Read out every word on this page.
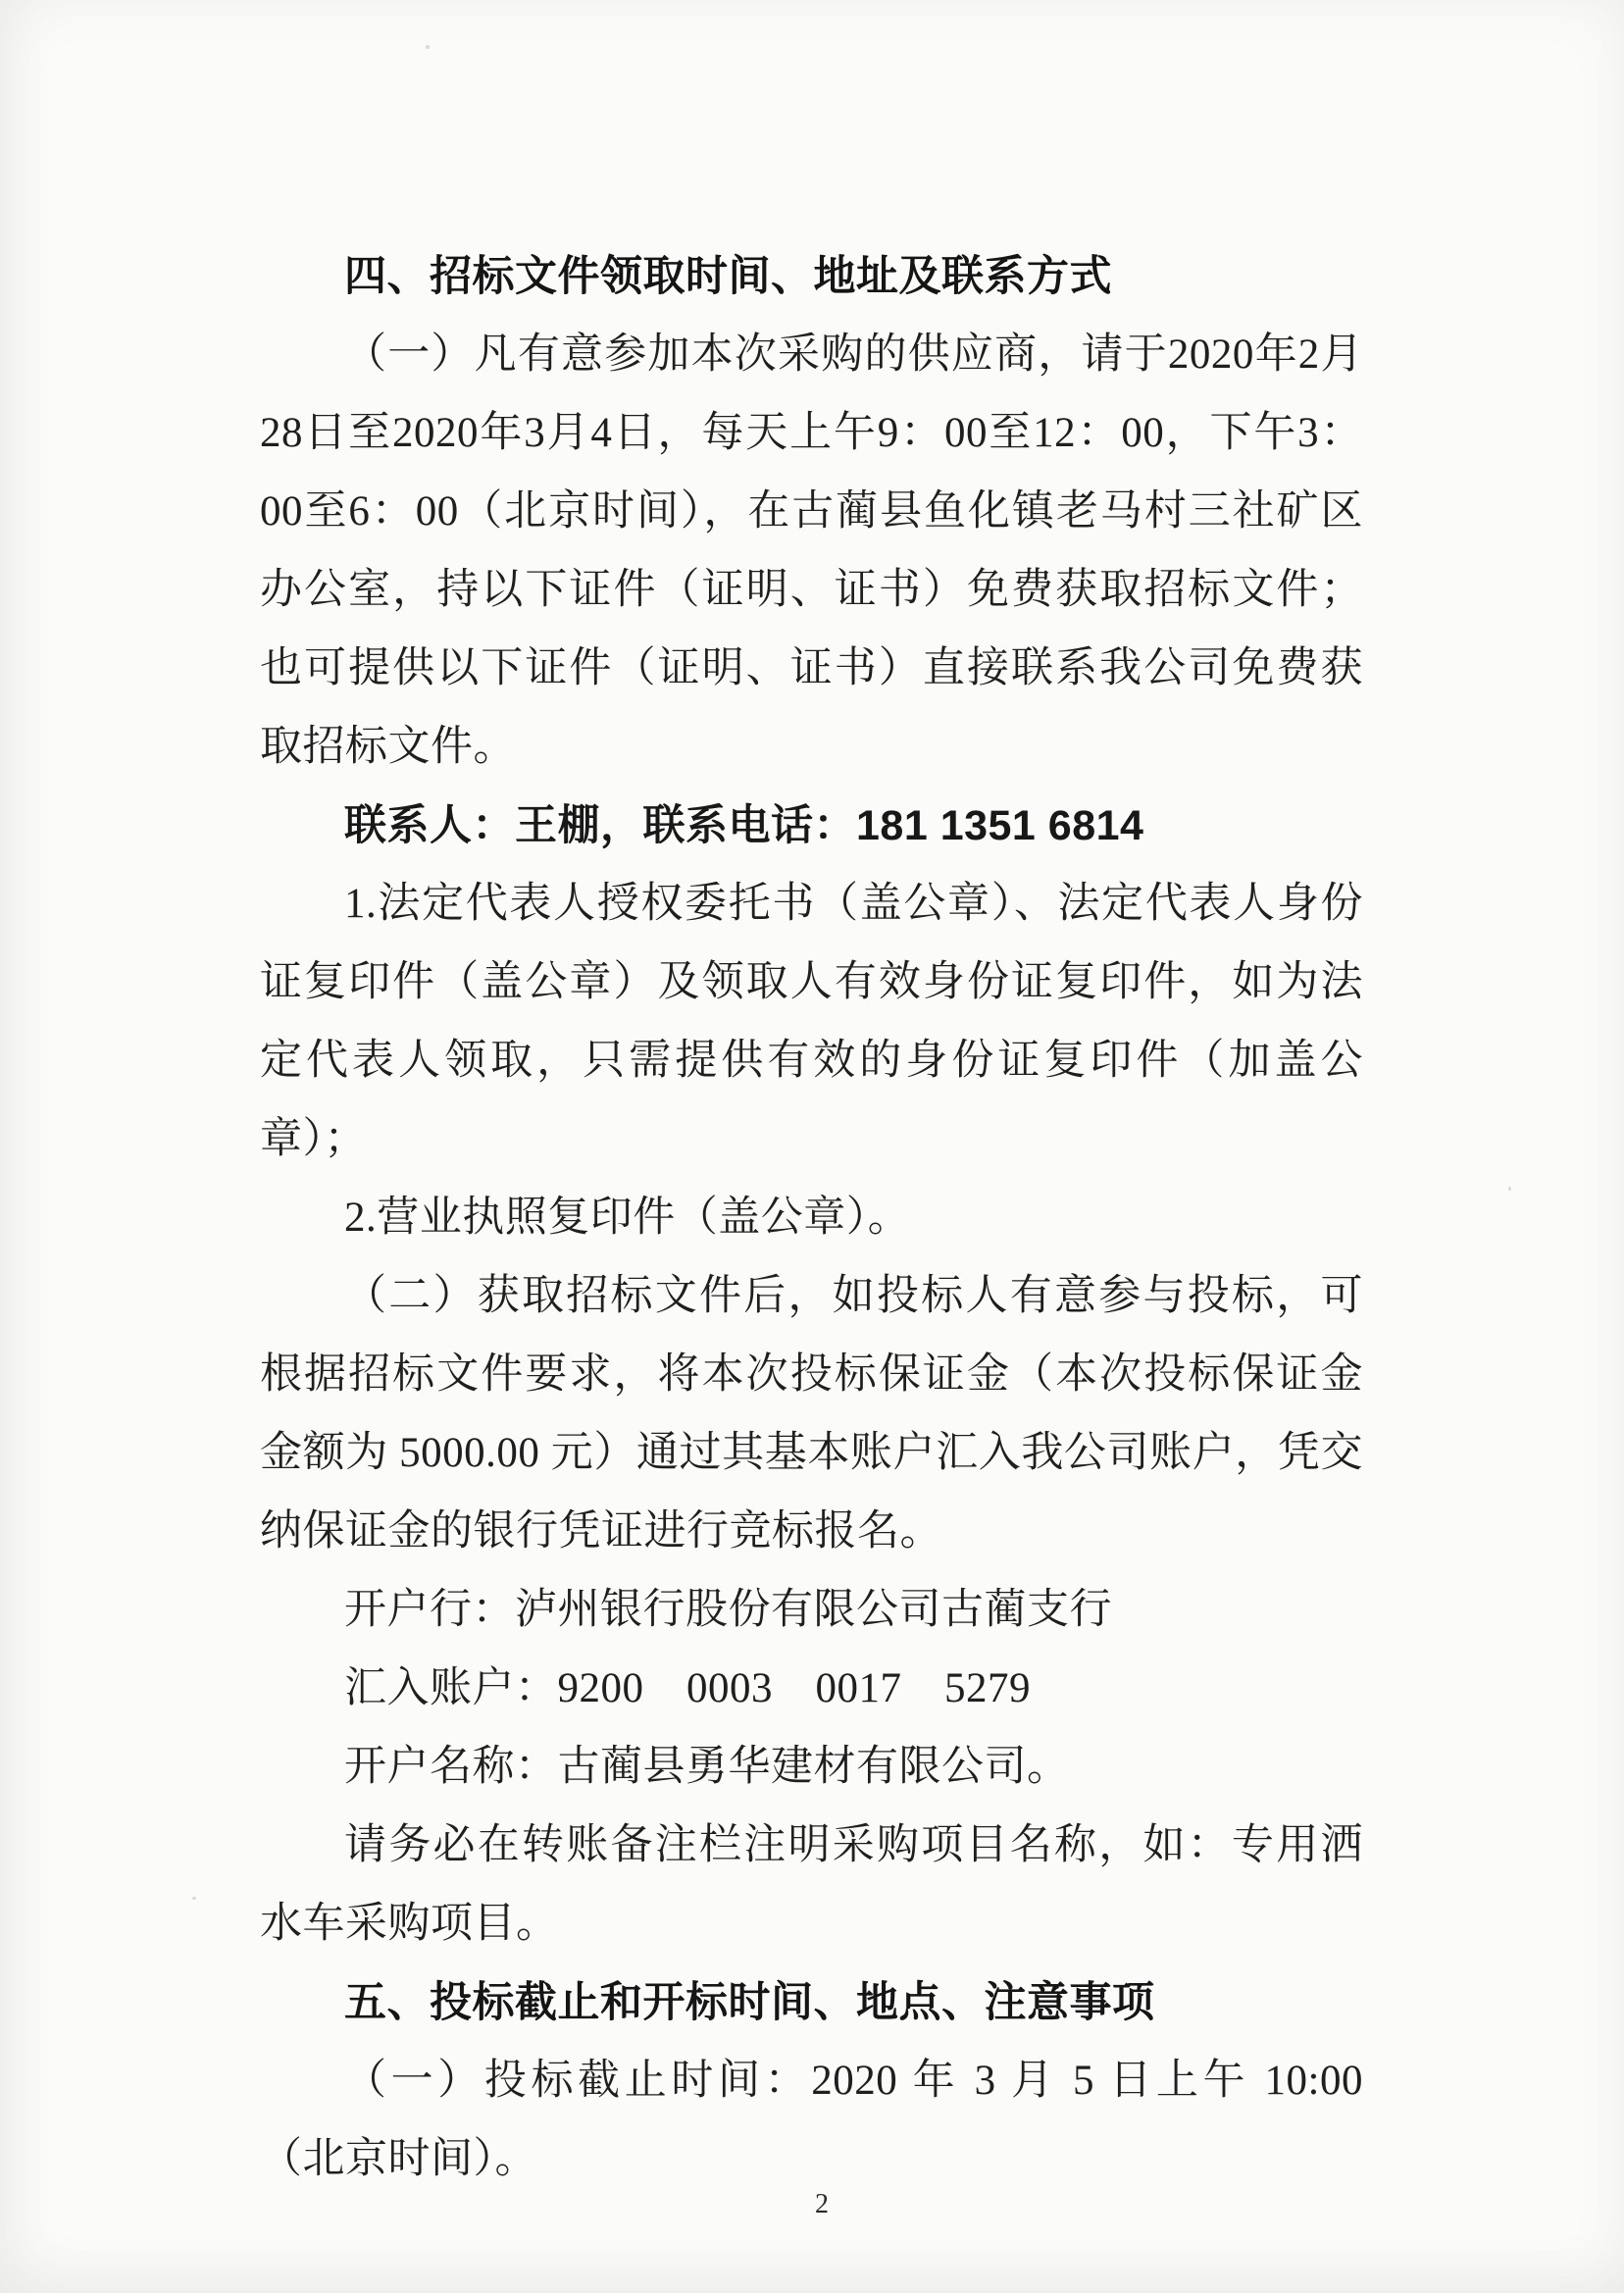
四、招标文件领取时间、地址及联系方式

（一）凡有意参加本次采购的供应商，请于2020年2月28日至2020年3月4日，每天上午9：00至12：00，下午3：00至6：00（北京时间），在古蔺县鱼化镇老马村三社矿区办公室，持以下证件（证明、证书）免费获取招标文件；也可提供以下证件（证明、证书）直接联系我公司免费获取招标文件。

联系人：王棚，联系电话：181 1351 6814

1.法定代表人授权委托书（盖公章）、法定代表人身份证复印件（盖公章）及领取人有效身份证复印件，如为法定代表人领取，只需提供有效的身份证复印件（加盖公章）；

2.营业执照复印件（盖公章）。

（二）获取招标文件后，如投标人有意参与投标，可根据招标文件要求，将本次投标保证金（本次投标保证金金额为 5000.00 元）通过其基本账户汇入我公司账户，凭交纳保证金的银行凭证进行竞标报名。

开户行：泸州银行股份有限公司古蔺支行

汇入账户：9200　0003　0017　5279

开户名称：古蔺县勇华建材有限公司。

请务必在转账备注栏注明采购项目名称，如：专用洒水车采购项目。

五、投标截止和开标时间、地点、注意事项

（一）投标截止时间：2020 年 3 月 5 日上午 10:00（北京时间）。

2
